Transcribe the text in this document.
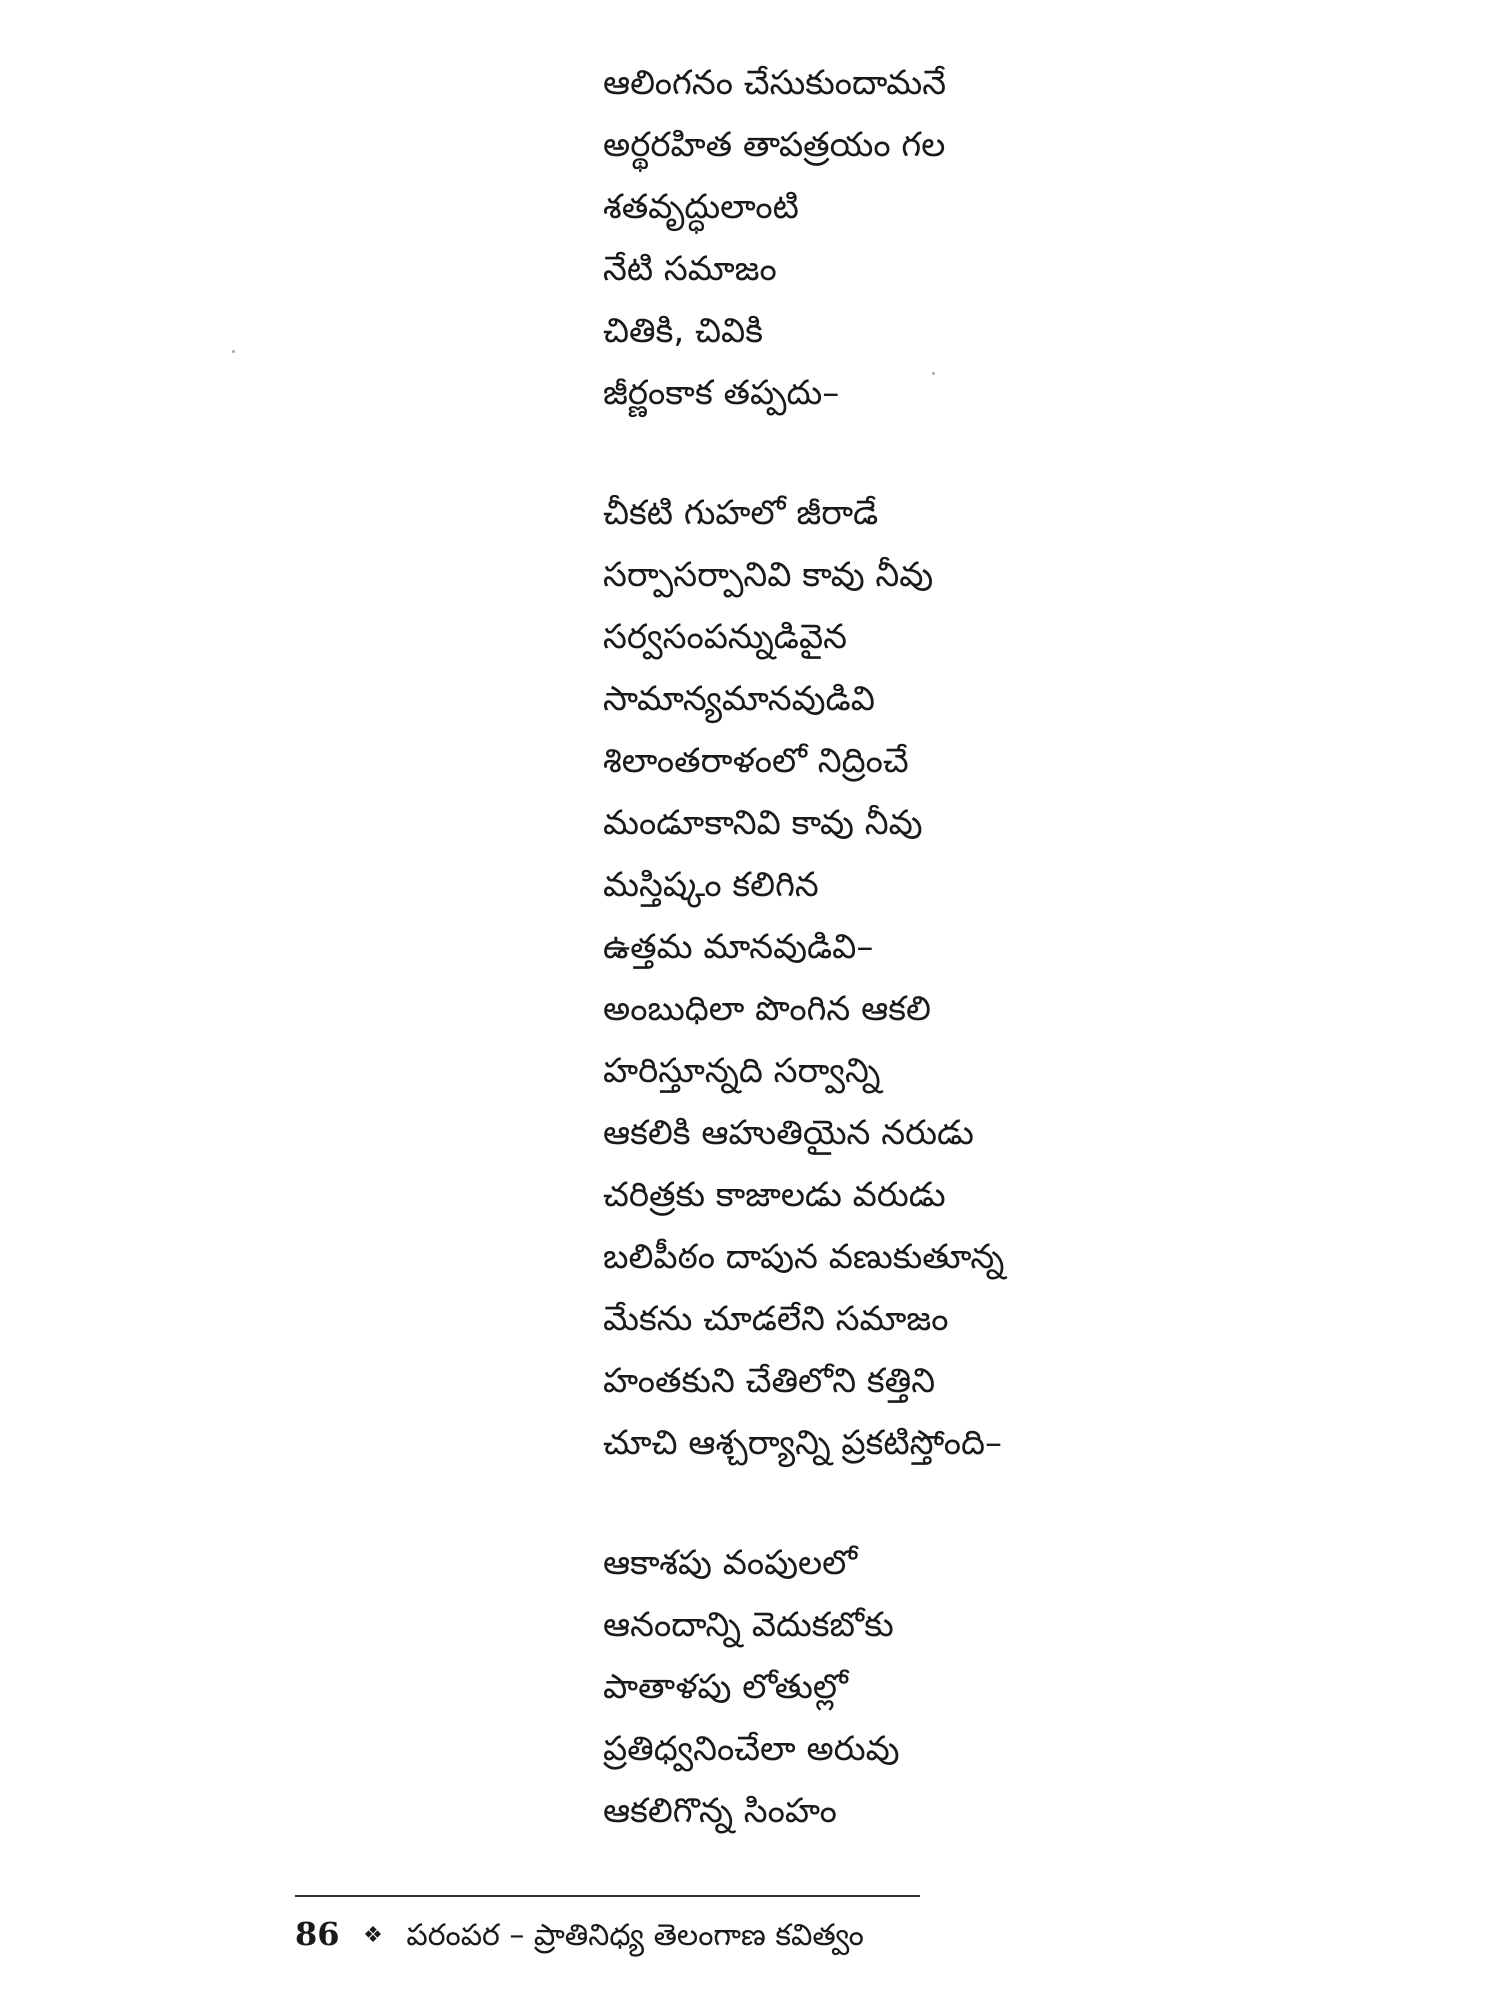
ఆలింగనం చేసుకుందామనే
అర్థరహిత తాపత్రయం గల
శతవృద్ధులాంటి
నేటి సమాజం
చితికి, చివికి
జీర్ణంకాక తప్పదు–
చీకటి గుహలో జీరాడే
సర్పాసర్పానివి కావు నీవు
సర్వసంపన్నుడివైన
సామాన్యమానవుడివి
శిలాంతరాళంలో నిద్రించే
మండూకానివి కావు నీవు
మస్తిష్కం కలిగిన
ఉత్తమ మానవుడివి–
అంబుధిలా పొంగిన ఆకలి
హరిస్తూన్నది సర్వాన్ని
ఆకలికి ఆహుతియైన నరుడు
చరిత్రకు కాజాలడు వరుడు
బలిపీఠం దాపున వణుకుతూన్న
మేకను చూడలేని సమాజం
హంతకుని చేతిలోని కత్తిని
చూచి ఆశ్చర్యాన్ని ప్రకటిస్తోంది–
ఆకాశపు వంపులలో
ఆనందాన్ని వెదుకబోకు
పాతాళపు లోతుల్లో
ప్రతిధ్వనించేలా అరువు
ఆకలిగొన్న సింహం
86 ❖ పరంపర – ప్రాతినిధ్య తెలంగాణ కవిత్వం
